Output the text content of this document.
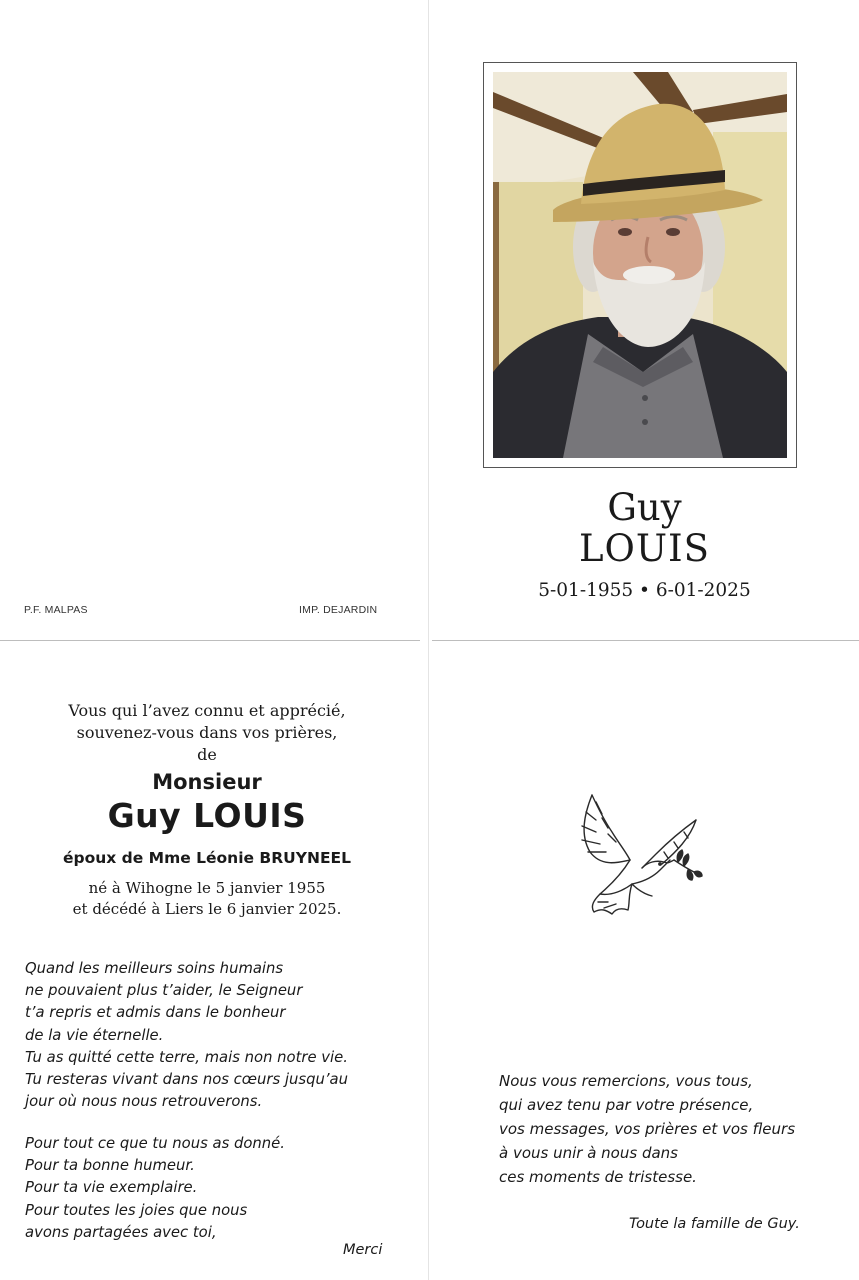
P.F. MALPAS	IMP. DEJARDIN
Guy
LOUIS
5-01-1955 • 6-01-2025
Vous qui l’avez connu et apprécié,
souvenez-vous dans vos prières,
de
Monsieur
Guy LOUIS
époux de Mme Léonie BRUYNEEL
né à Wihogne le 5 janvier 1955
et décédé à Liers le 6 janvier 2025.
Quand les meilleurs soins humains
ne pouvaient plus t’aider, le Seigneur
t’a repris et admis dans le bonheur
de la vie éternelle.
Tu as quitté cette terre, mais non notre vie.
Tu resteras vivant dans nos cœurs jusqu’au
jour où nous nous retrouverons.
Pour tout ce que tu nous as donné.
Pour ta bonne humeur.
Pour ta vie exemplaire.
Pour toutes les joies que nous
avons partagées avec toi,
Merci
Nous vous remercions, vous tous,
qui avez tenu par votre présence,
vos messages, vos prières et vos fleurs
à vous unir à nous dans
ces moments de tristesse.
Toute la famille de Guy.
